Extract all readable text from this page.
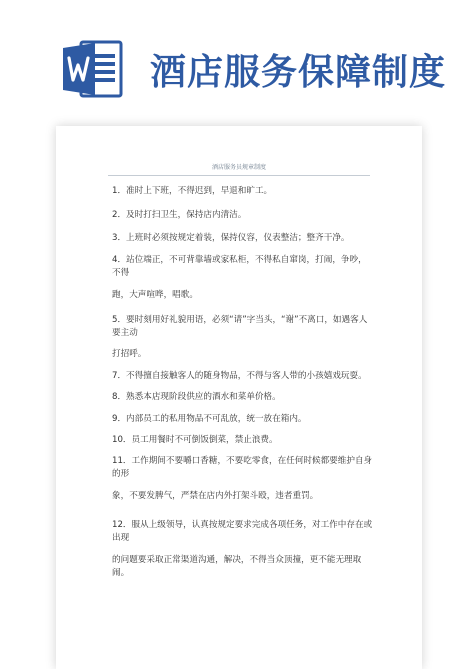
酒店服务保障制度
酒店服务员规章制度

1．准时上下班，不得迟到，早退和旷工。

2．及时打扫卫生，保持店内清洁。

3．上班时必须按规定着装，保持仪容，仪表整洁；整齐干净。

4．站位端正，不可背靠墙或家私柜，不得私自窜岗，打闹，争吵，不得

跑，大声喧哗，唱歌。

5．要时刻用好礼貌用语，必须“请”字当头，“谢”不离口，如遇客人要主动

打招呼。

7．不得擅自接触客人的随身物品，不得与客人带的小孩嬉戏玩耍。

8．熟悉本店现阶段供应的酒水和菜单价格。

9．内部员工的私用物品不可乱放，统一放在箱内。

10．员工用餐时不可倒饭倒菜，禁止浪费。

11．工作期间不要嚼口香糖，不要吃零食，在任何时候都要维护自身的形

象，不要发脾气，严禁在店内外打架斗殴，违者重罚。

12．服从上级领导，认真按规定要求完成各项任务，对工作中存在或出现

的问题要采取正常渠道沟通，解决，不得当众顶撞，更不能无理取闹。
